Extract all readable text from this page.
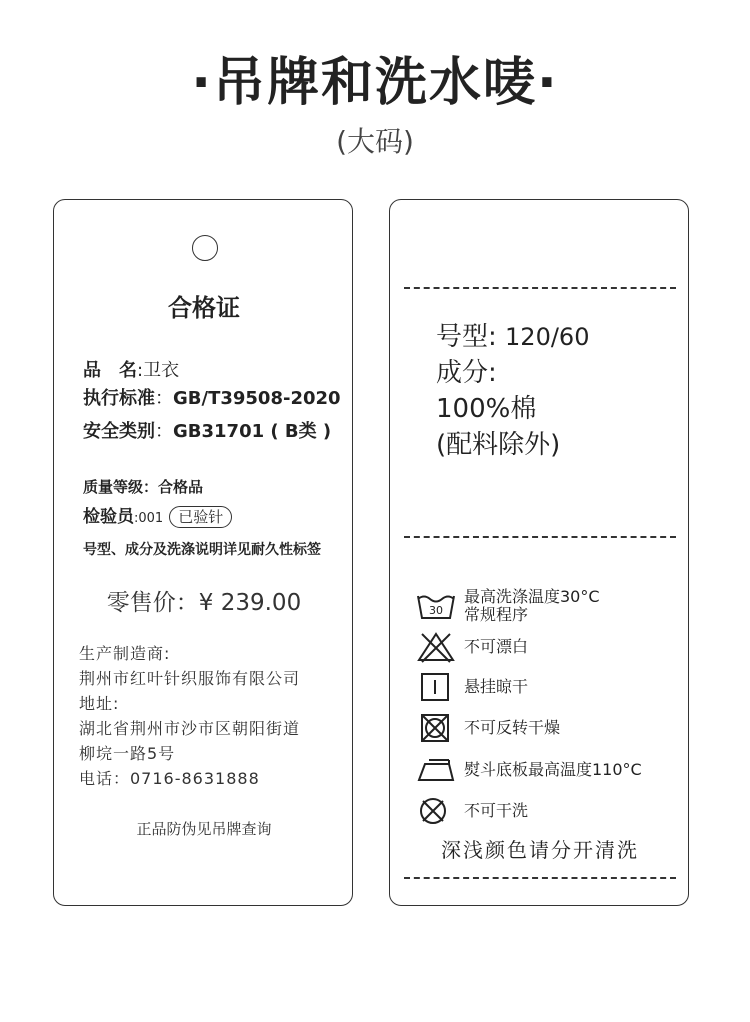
·吊牌和洗水唛·
(大码)
合格证
品　名:卫衣
执行标准：GB/T39508-2020
安全类别：GB31701 ( B类 )
质量等级：合格品
检验员:001 已验针
号型、成分及洗涤说明详见耐久性标签
零售价：¥ 239.00
生产制造商:
荆州市红叶针织服饰有限公司
地址:
湖北省荆州市沙市区朝阳街道
柳垸一路5号
电话：0716-8631888
正品防伪见吊牌查询
号型: 120/60
成分:
100%棉
(配料除外)
30
最高洗涤温度30°C
常规程序
不可漂白
悬挂晾干
不可反转干燥
熨斗底板最高温度110°C
不可干洗
深浅颜色请分开清洗
